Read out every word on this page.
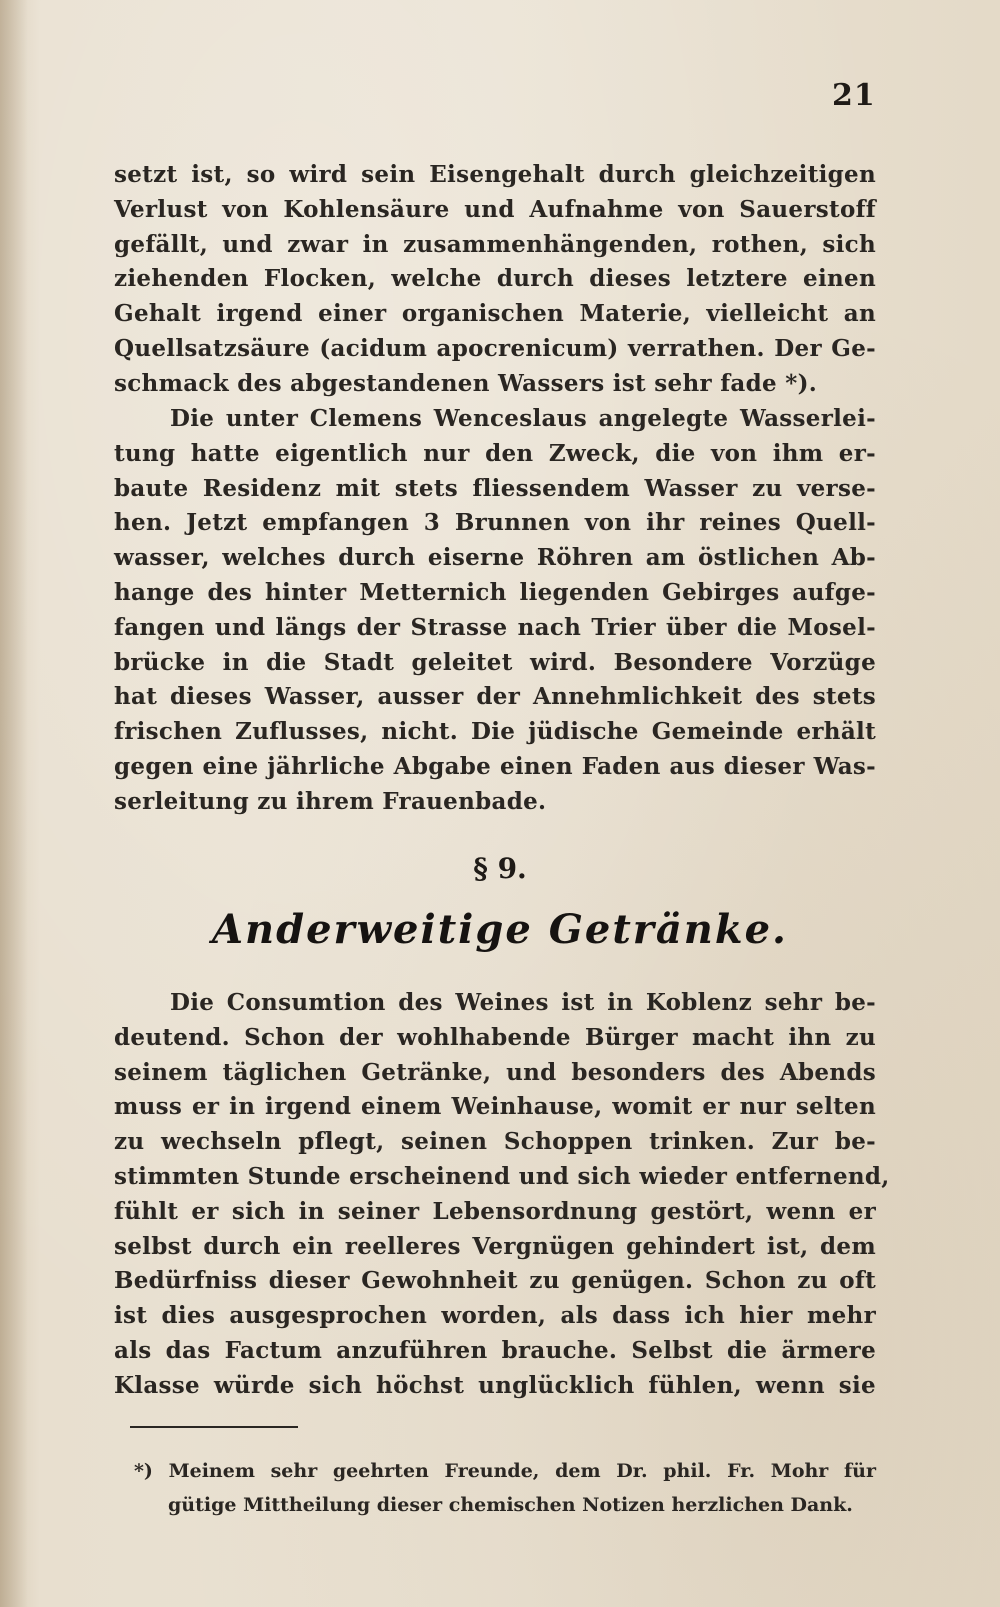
21
setzt ist, so wird sein Eisengehalt durch gleichzeitigen
Verlust von Kohlensäure und Aufnahme von Sauerstoff
gefällt, und zwar in zusammenhängenden, rothen, sich
ziehenden Flocken, welche durch dieses letztere einen
Gehalt irgend einer organischen Materie, vielleicht an
Quellsatzsäure (acidum apocrenicum) verrathen. Der Ge-
schmack des abgestandenen Wassers ist sehr fade *).
Die unter Clemens Wenceslaus angelegte Wasserlei-
tung hatte eigentlich nur den Zweck, die von ihm er-
baute Residenz mit stets fliessendem Wasser zu verse-
hen. Jetzt empfangen 3 Brunnen von ihr reines Quell-
wasser, welches durch eiserne Röhren am östlichen Ab-
hange des hinter Metternich liegenden Gebirges aufge-
fangen und längs der Strasse nach Trier über die Mosel-
brücke in die Stadt geleitet wird. Besondere Vorzüge
hat dieses Wasser, ausser der Annehmlichkeit des stets
frischen Zuflusses, nicht. Die jüdische Gemeinde erhält
gegen eine jährliche Abgabe einen Faden aus dieser Was-
serleitung zu ihrem Frauenbade.
§ 9.
Anderweitige Getränke.
Die Consumtion des Weines ist in Koblenz sehr be-
deutend. Schon der wohlhabende Bürger macht ihn zu
seinem täglichen Getränke, und besonders des Abends
muss er in irgend einem Weinhause, womit er nur selten
zu wechseln pflegt, seinen Schoppen trinken. Zur be-
stimmten Stunde erscheinend und sich wieder entfernend,
fühlt er sich in seiner Lebensordnung gestört, wenn er
selbst durch ein reelleres Vergnügen gehindert ist, dem
Bedürfniss dieser Gewohnheit zu genügen. Schon zu oft
ist dies ausgesprochen worden, als dass ich hier mehr
als das Factum anzuführen brauche. Selbst die ärmere
Klasse würde sich höchst unglücklich fühlen, wenn sie
*) Meinem sehr geehrten Freunde, dem Dr. phil. Fr. Mohr für
gütige Mittheilung dieser chemischen Notizen herzlichen Dank.
